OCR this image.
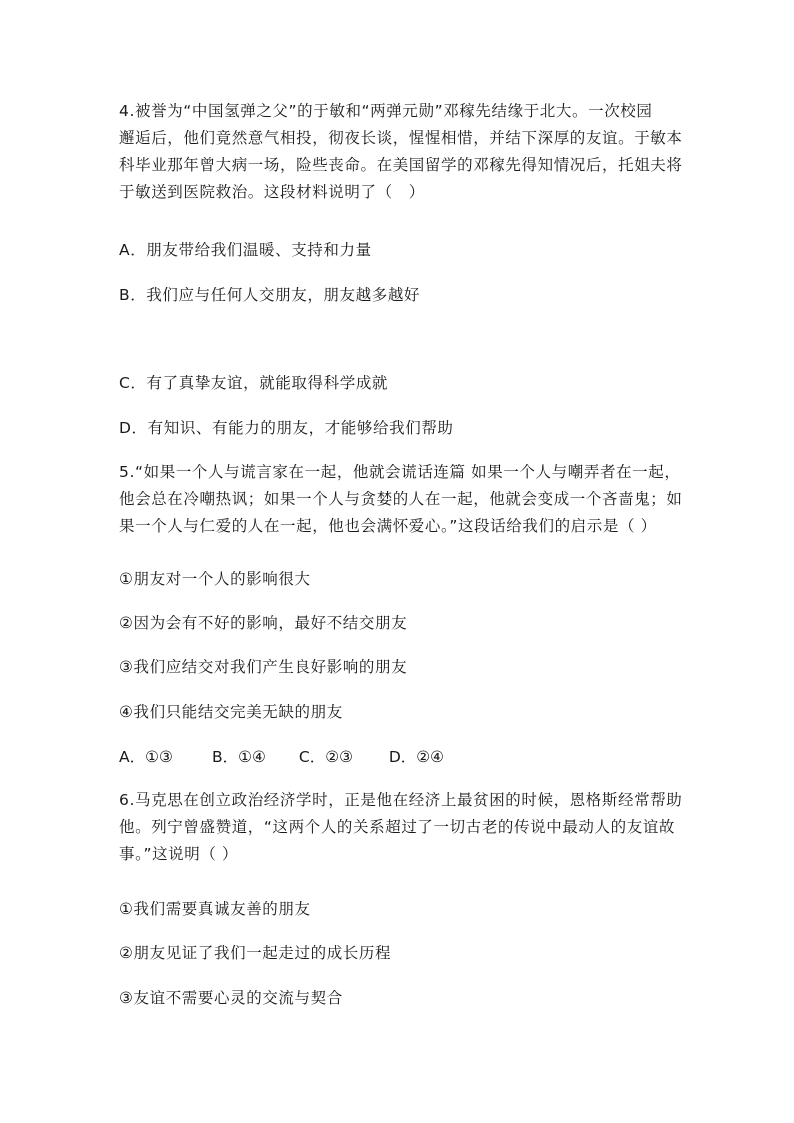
4.被誉为“中国氢弹之父”的于敏和“两弹元勋”邓稼先结缘于北大。一次校园
邂逅后，他们竟然意气相投，彻夜长谈，惺惺相惜，并结下深厚的友谊。于敏本
科毕业那年曾大病一场，险些丧命。在美国留学的邓稼先得知情况后，托姐夫将
于敏送到医院救治。这段材料说明了（　）
A．朋友带给我们温暖、支持和力量
B．我们应与任何人交朋友，朋友越多越好
C．有了真挚友谊，就能取得科学成就
D．有知识、有能力的朋友，才能够给我们帮助
5.“如果一个人与谎言家在一起，他就会谎话连篇 如果一个人与嘲弄者在一起，
他会总在冷嘲热讽；如果一个人与贪婪的人在一起，他就会变成一个吝啬鬼；如
果一个人与仁爱的人在一起，他也会满怀爱心。”这段话给我们的启示是（ ）
①朋友对一个人的影响很大
②因为会有不好的影响，最好不结交朋友
③我们应结交对我们产生良好影响的朋友
④我们只能结交完美无缺的朋友
A．①③	B．①④ C．②③ D．②④
6.马克思在创立政治经济学时，正是他在经济上最贫困的时候，恩格斯经常帮助
他。列宁曾盛赞道，“这两个人的关系超过了一切古老的传说中最动人的友谊故
事。”这说明（ ）
①我们需要真诚友善的朋友
②朋友见证了我们一起走过的成长历程
③友谊不需要心灵的交流与契合
